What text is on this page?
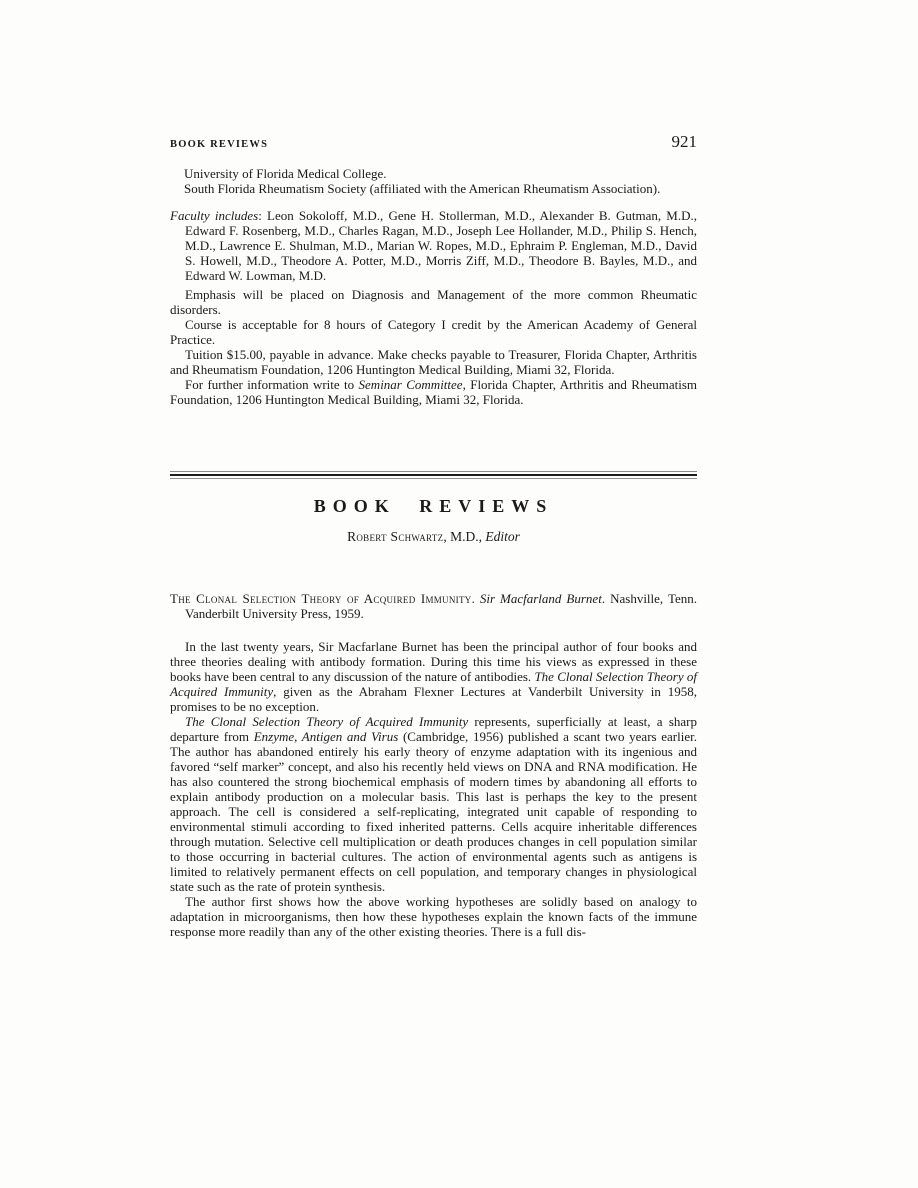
BOOK REVIEWS	921
University of Florida Medical College.
South Florida Rheumatism Society (affiliated with the American Rheumatism Association).
Faculty includes: Leon Sokoloff, M.D., Gene H. Stollerman, M.D., Alexander B. Gutman, M.D., Edward F. Rosenberg, M.D., Charles Ragan, M.D., Joseph Lee Hollander, M.D., Philip S. Hench, M.D., Lawrence E. Shulman, M.D., Marian W. Ropes, M.D., Ephraim P. Engleman, M.D., David S. Howell, M.D., Theodore A. Potter, M.D., Morris Ziff, M.D., Theodore B. Bayles, M.D., and Edward W. Lowman, M.D.
Emphasis will be placed on Diagnosis and Management of the more common Rheumatic disorders.
Course is acceptable for 8 hours of Category I credit by the American Academy of General Practice.
Tuition $15.00, payable in advance. Make checks payable to Treasurer, Florida Chapter, Arthritis and Rheumatism Foundation, 1206 Huntington Medical Building, Miami 32, Florida.
For further information write to Seminar Committee, Florida Chapter, Arthritis and Rheumatism Foundation, 1206 Huntington Medical Building, Miami 32, Florida.
BOOK REVIEWS
Robert Schwartz, M.D., Editor
The Clonal Selection Theory of Acquired Immunity. Sir Macfarland Burnet. Nashville, Tenn. Vanderbilt University Press, 1959.
In the last twenty years, Sir Macfarlane Burnet has been the principal author of four books and three theories dealing with antibody formation. During this time his views as expressed in these books have been central to any discussion of the nature of antibodies. The Clonal Selection Theory of Acquired Immunity, given as the Abraham Flexner Lectures at Vanderbilt University in 1958, promises to be no exception.
The Clonal Selection Theory of Acquired Immunity represents, superficially at least, a sharp departure from Enzyme, Antigen and Virus (Cambridge, 1956) published a scant two years earlier. The author has abandoned entirely his early theory of enzyme adaptation with its ingenious and favored “self marker” concept, and also his recently held views on DNA and RNA modification. He has also countered the strong biochemical emphasis of modern times by abandoning all efforts to explain antibody production on a molecular basis. This last is perhaps the key to the present approach. The cell is considered a self-replicating, integrated unit capable of responding to environmental stimuli according to fixed inherited patterns. Cells acquire inheritable differences through mutation. Selective cell multiplication or death produces changes in cell population similar to those occurring in bacterial cultures. The action of environmental agents such as antigens is limited to relatively permanent effects on cell population, and temporary changes in physiological state such as the rate of protein synthesis.
The author first shows how the above working hypotheses are solidly based on analogy to adaptation in microorganisms, then how these hypotheses explain the known facts of the immune response more readily than any of the other existing theories. There is a full dis-
